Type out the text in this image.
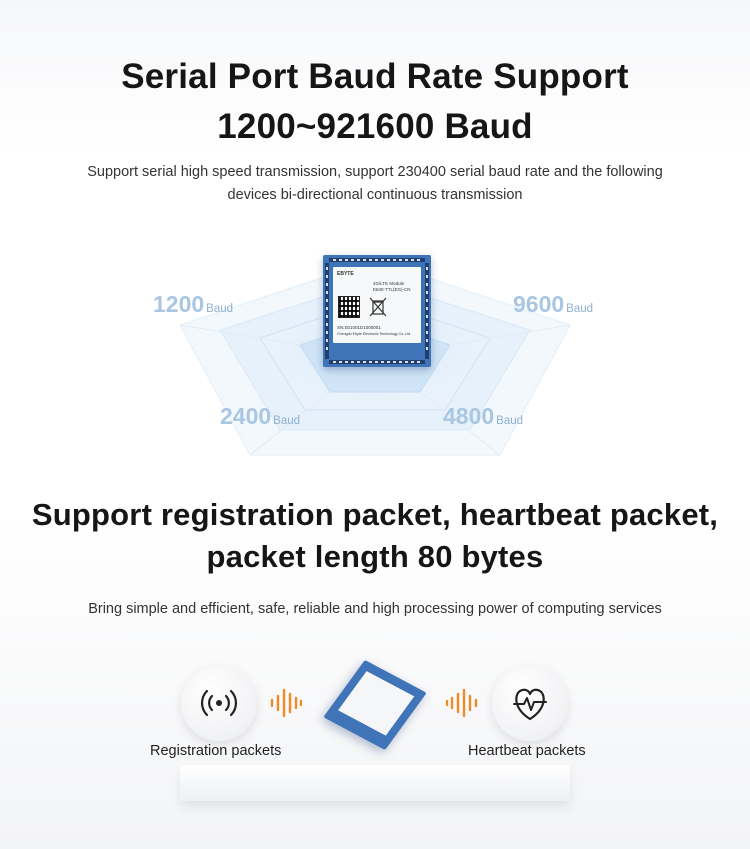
Serial Port Baud Rate Support
1200~921600 Baud
Support serial high speed transmission, support 230400 serial baud rate and the following
devices bi-directional continuous transmission
1200 Baud	9600 Baud
2400 Baud	4800 Baud
EBYTE
4G/LTE Module
E840-TTL(EG)-CN
SN:S01001D1000001
Chengdu Ebyte Electronic Technology Co.,Ltd
Support registration packet, heartbeat packet,
packet length 80 bytes
Bring simple and efficient, safe, reliable and high processing power of computing services
Registration packets	Heartbeat packets
